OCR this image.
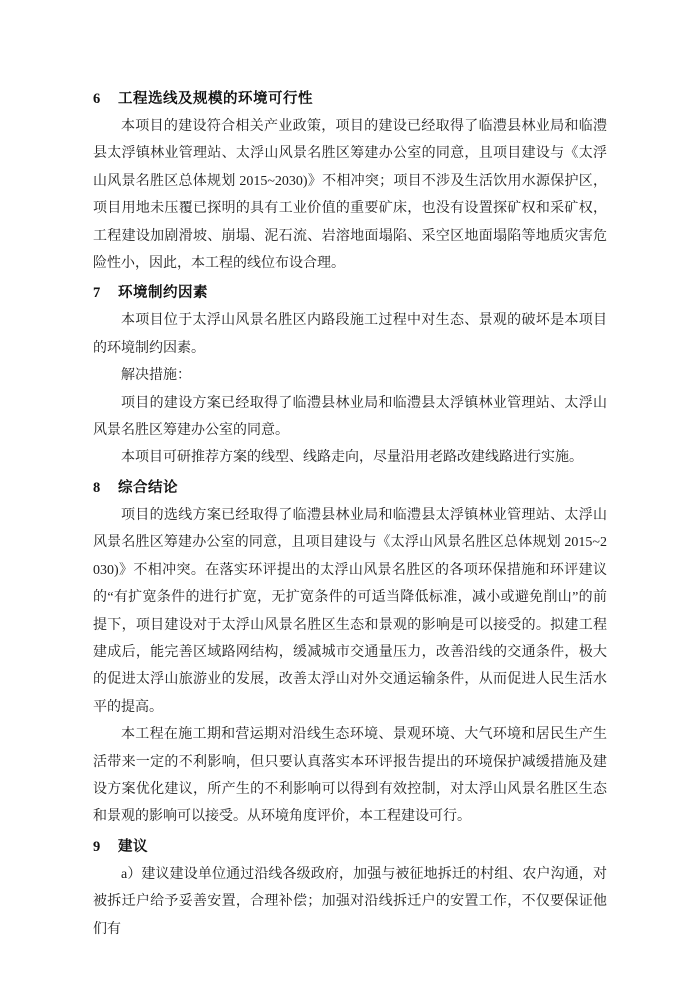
6 工程选线及规模的环境可行性

本项目的建设符合相关产业政策，项目的建设已经取得了临澧县林业局和临澧县太浮镇林业管理站、太浮山风景名胜区筹建办公室的同意，且项目建设与《太浮山风景名胜区总体规划 2015~2030)》不相冲突；项目不涉及生活饮用水源保护区，项目用地未压覆已探明的具有工业价值的重要矿床，也没有设置探矿权和采矿权，工程建设加剧滑坡、崩塌、泥石流、岩溶地面塌陷、采空区地面塌陷等地质灾害危险性小，因此，本工程的线位布设合理。

7 环境制约因素

本项目位于太浮山风景名胜区内路段施工过程中对生态、景观的破坏是本项目的环境制约因素。

解决措施：

项目的建设方案已经取得了临澧县林业局和临澧县太浮镇林业管理站、太浮山风景名胜区筹建办公室的同意。

本项目可研推荐方案的线型、线路走向，尽量沿用老路改建线路进行实施。

8 综合结论

项目的选线方案已经取得了临澧县林业局和临澧县太浮镇林业管理站、太浮山风景名胜区筹建办公室的同意，且项目建设与《太浮山风景名胜区总体规划 2015~2030)》不相冲突。在落实环评提出的太浮山风景名胜区的各项环保措施和环评建议的“有扩宽条件的进行扩宽，无扩宽条件的可适当降低标准，减小或避免削山”的前提下，项目建设对于太浮山风景名胜区生态和景观的影响是可以接受的。拟建工程建成后，能完善区域路网结构，缓减城市交通量压力，改善沿线的交通条件，极大的促进太浮山旅游业的发展，改善太浮山对外交通运输条件，从而促进人民生活水平的提高。

本工程在施工期和营运期对沿线生态环境、景观环境、大气环境和居民生产生活带来一定的不利影响，但只要认真落实本环评报告提出的环境保护减缓措施及建设方案优化建议，所产生的不利影响可以得到有效控制，对太浮山风景名胜区生态和景观的影响可以接受。从环境角度评价，本工程建设可行。

9 建议

a）建议建设单位通过沿线各级政府，加强与被征地拆迁的村组、农户沟通，对被拆迁户给予妥善安置，合理补偿；加强对沿线拆迁户的安置工作，不仅要保证他们有
